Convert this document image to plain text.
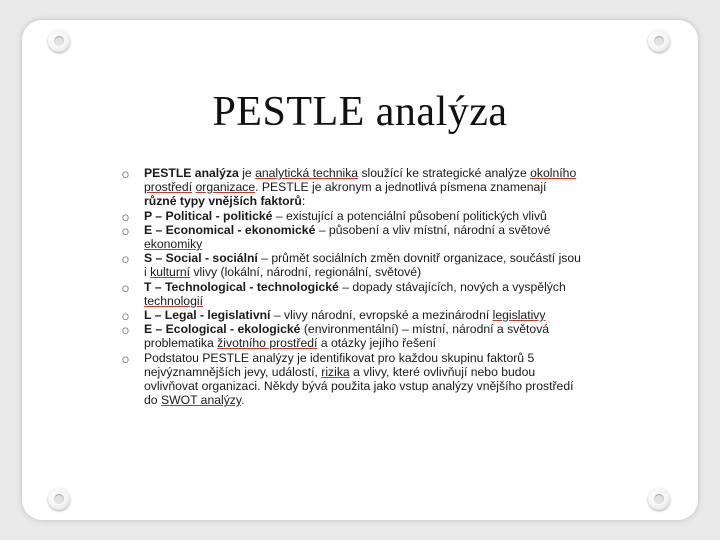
PESTLE analýza
O PESTLE analýza je analytická technika sloužící ke strategické analýze okolního prostředí organizace. PESTLE je akronym a jednotlivá písmena znamenají různé typy vnějších faktorů:
O P – Political - politické – existující a potenciální působení politických vlivů
O E – Economical - ekonomické – působení a vliv místní, národní a světové ekonomiky
O S – Social - sociální – průmět sociálních změn dovnitř organizace, součástí jsou i kulturní vlivy (lokální, národní, regionální, světové)
O T – Technological - technologické – dopady stávajících, nových a vyspělých technologií
O L – Legal - legislativní – vlivy národní, evropské a mezinárodní legislativy
O E – Ecological - ekologické (environmentální) – místní, národní a světová problematika životního prostředí a otázky jejího řešení
O Podstatou PESTLE analýzy je identifikovat pro každou skupinu faktorů 5 nejvýznamnějších jevy, událostí, rizika a vlivy, které ovlivňují nebo budou ovlivňovat organizaci. Někdy bývá použita jako vstup analýzy vnějšího prostředí do SWOT analýzy.
